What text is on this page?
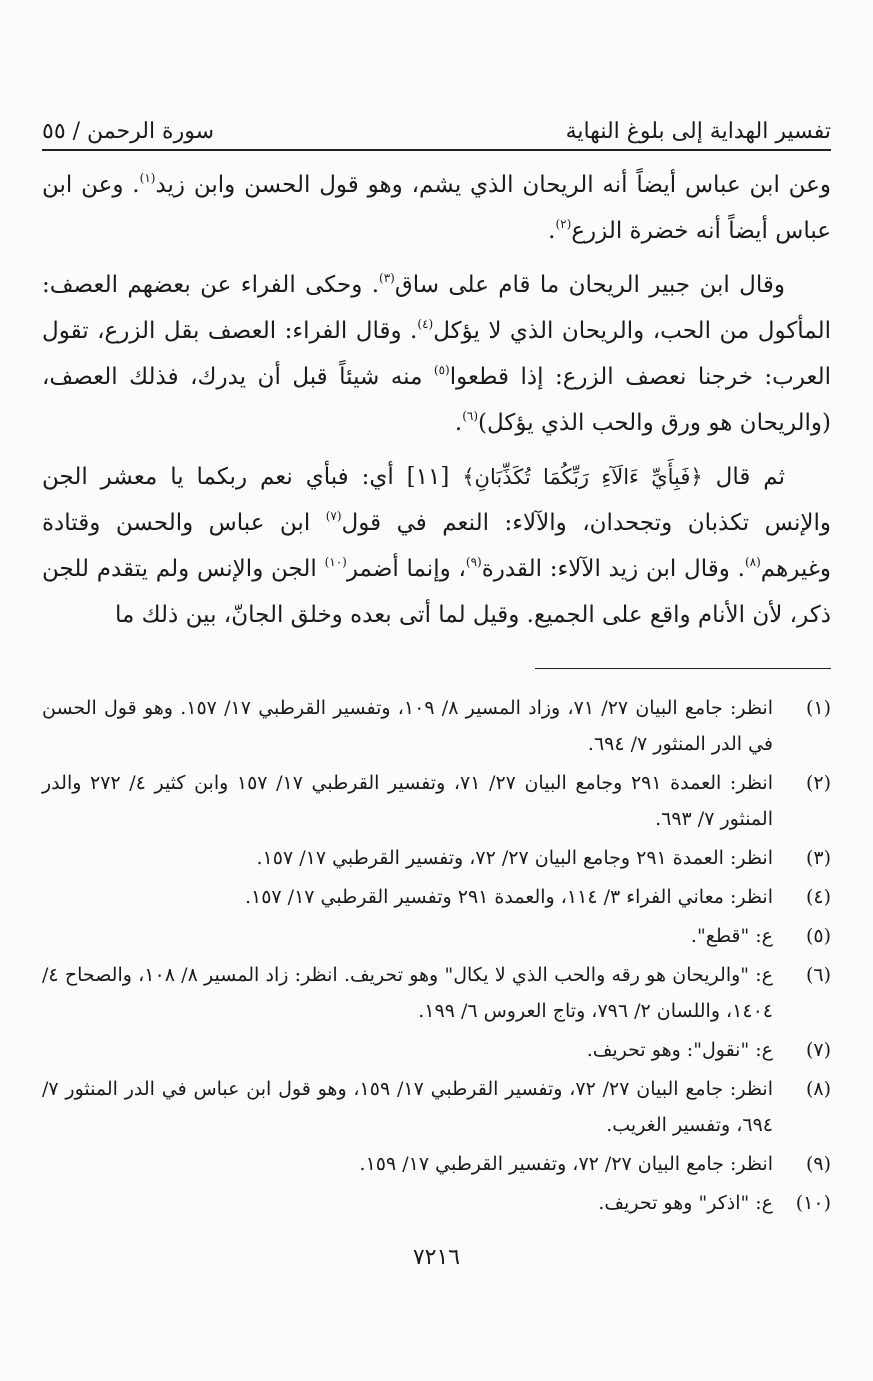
تفسير الهداية إلى بلوغ النهاية
سورة الرحمن / ٥٥

وعن ابن عباس أيضاً أنه الريحان الذي يشم، وهو قول الحسن وابن زيد$^{(١)}$. وعن ابن عباس أيضاً أنه خضرة الزرع$^{(٢)}$.

وقال ابن جبير الريحان ما قام على ساق$^{(٣)}$. وحكى الفراء عن بعضهم العصف: المأكول من الحب، والريحان الذي لا يؤكل$^{(٤)}$. وقال الفراء: العصف بقل الزرع، تقول العرب: خرجنا نعصف الزرع: إذا قطعوا$^{(٥)}$ منه شيئاً قبل أن يدرك، فذلك العصف، (والريحان هو ورق والحب الذي يؤكل)$^{(٦)}$.

ثم قال ﴿فَبِأَيِّ ءَالَآءِ رَبِّكُمَا تُكَذِّبَانِ﴾ [١١] أي: فبأي نعم ربكما يا معشر الجن والإنس تكذبان وتجحدان، والآلاء: النعم في قول$^{(٧)}$ ابن عباس والحسن وقتادة وغيرهم$^{(٨)}$. وقال ابن زيد الآلاء: القدرة$^{(٩)}$، وإنما أضمر$^{(١٠)}$ الجن والإنس ولم يتقدم للجن ذكر، لأن الأنام واقع على الجميع. وقيل لما أتى بعده وخلق الجانّ، بين ذلك ما

(١)
انظر: جامع البيان ٢٧/ ٧١، وزاد المسير ٨/ ١٠٩، وتفسير القرطبي ١٧/ ١٥٧. وهو قول الحسن في الدر المنثور ٧/ ٦٩٤.
(٢)
انظر: العمدة ٢٩١ وجامع البيان ٢٧/ ٧١، وتفسير القرطبي ١٧/ ١٥٧ وابن كثير ٤/ ٢٧٢ والدر المنثور ٧/ ٦٩٣.
(٣)
انظر: العمدة ٢٩١ وجامع البيان ٢٧/ ٧٢، وتفسير القرطبي ١٧/ ١٥٧.
(٤)
انظر: معاني الفراء ٣/ ١١٤، والعمدة ٢٩١ وتفسير القرطبي ١٧/ ١٥٧.
(٥)
ع: "قطع".
(٦)
ع: "والريحان هو رقه والحب الذي لا يكال" وهو تحريف. انظر: زاد المسير ٨/ ١٠٨، والصحاح ٤/ ١٤٠٤، واللسان ٢/ ٧٩٦، وتاج العروس ٦/ ١٩٩.
(٧)
ع: "نقول": وهو تحريف.
(٨)
انظر: جامع البيان ٢٧/ ٧٢، وتفسير القرطبي ١٧/ ١٥٩، وهو قول ابن عباس في الدر المنثور ٧/ ٦٩٤، وتفسير الغريب.
(٩)
انظر: جامع البيان ٢٧/ ٧٢، وتفسير القرطبي ١٧/ ١٥٩.
(١٠)
ع: "اذكر" وهو تحريف.
٧٢١٦
